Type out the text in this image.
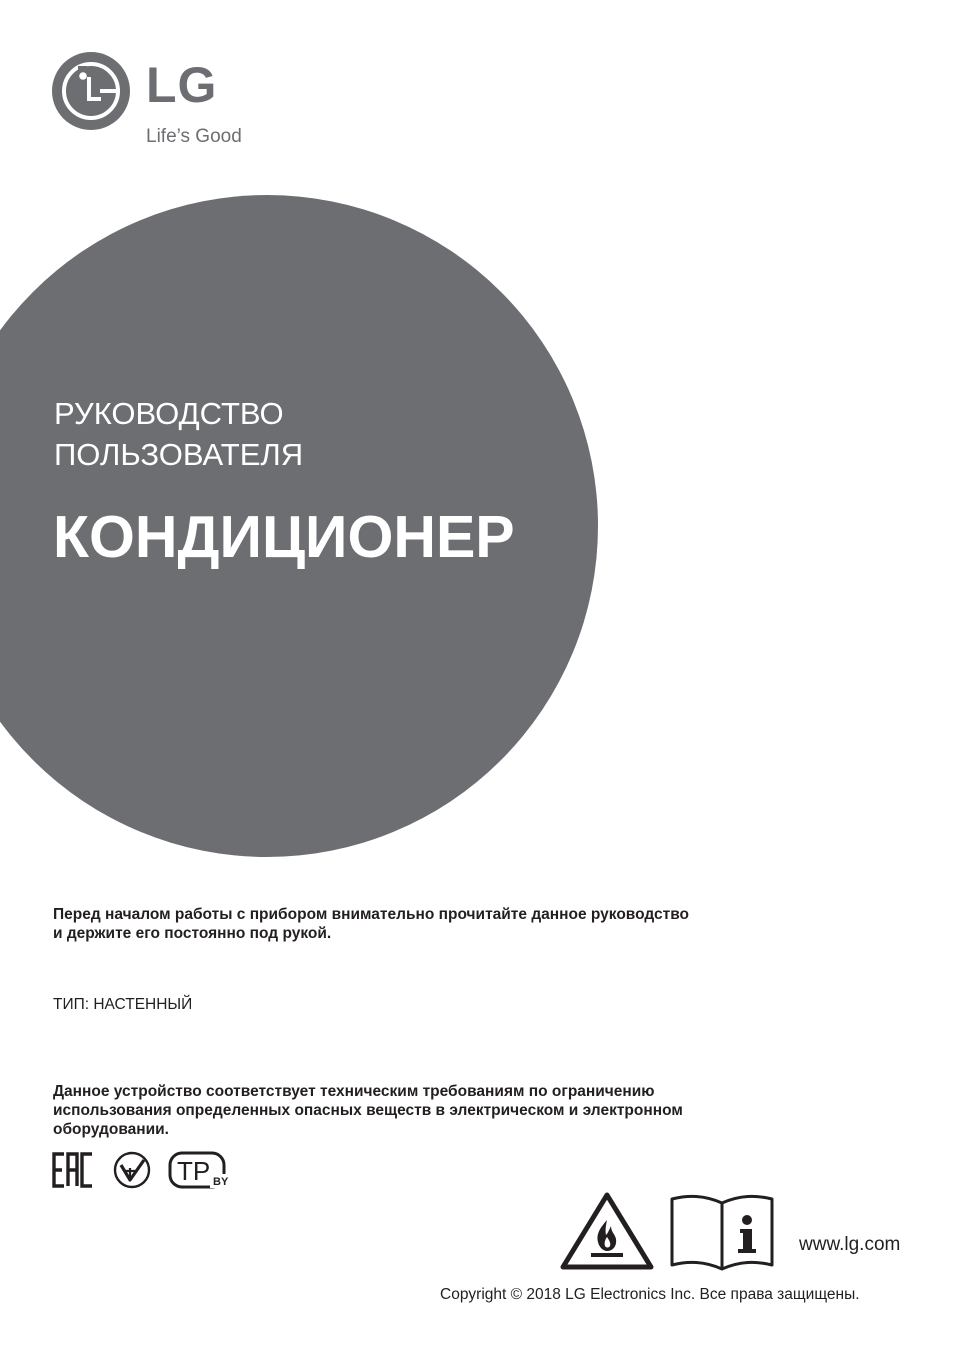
LG
Life’s Good
РУКОВОДСТВО
ПОЛЬЗОВАТЕЛЯ
КОНДИЦИОНЕР
Перед началом работы с прибором внимательно прочитайте данное руководство
и держите его постоянно под рукой.
ТИП: НАСТЕННЫЙ
Данное устройство соответствует техническим требованиям по ограничению
использования определенных опасных веществ в электрическом и электронном
оборудовании.
TP BY
www.lg.com
Copyright © 2018 LG Electronics Inc. Все права защищены.
